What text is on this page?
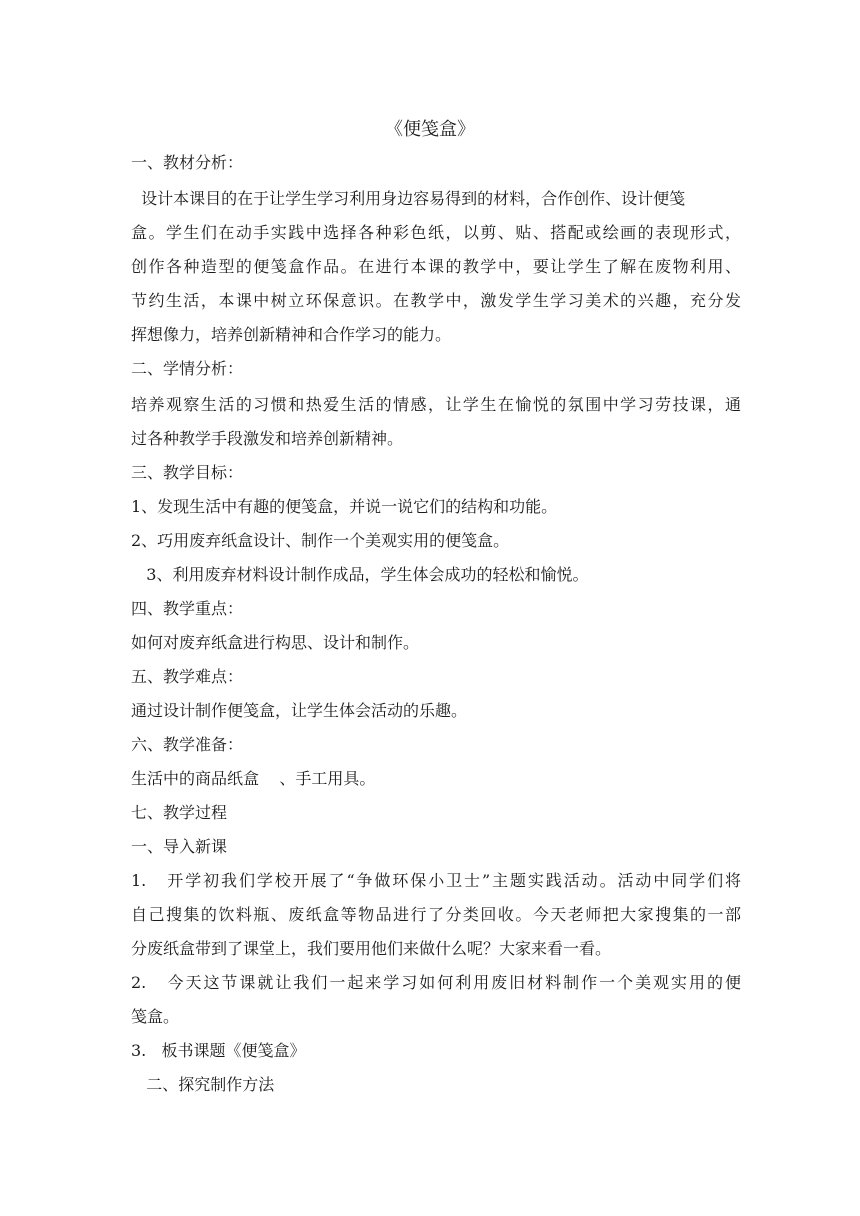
《便笺盒》
一、教材分析：
设计本课目的在于让学生学习利用身边容易得到的材料，合作创作、设计便笺
盒。学生们在动手实践中选择各种彩色纸，以剪、贴、搭配或绘画的表现形式，
创作各种造型的便笺盒作品。在进行本课的教学中，要让学生了解在废物利用、
节约生活，本课中树立环保意识。在教学中，激发学生学习美术的兴趣，充分发
挥想像力，培养创新精神和合作学习的能力。
二、学情分析：
培养观察生活的习惯和热爱生活的情感，让学生在愉悦的氛围中学习劳技课，通
过各种教学手段激发和培养创新精神。
三、教学目标：
1、发现生活中有趣的便笺盒，并说一说它们的结构和功能。
2、巧用废弃纸盒设计、制作一个美观实用的便笺盒。
3、利用废弃材料设计制作成品，学生体会成功的轻松和愉悦。
四、教学重点：
如何对废弃纸盒进行构思、设计和制作。
五、教学难点：
通过设计制作便笺盒，让学生体会活动的乐趣。
六、教学准备：
生活中的商品纸盒    、手工用具。
七、教学过程
一、导入新课
1.   开学初我们学校开展了“争做环保小卫士”主题实践活动。活动中同学们将
自己搜集的饮料瓶、废纸盒等物品进行了分类回收。今天老师把大家搜集的一部
分废纸盒带到了课堂上，我们要用他们来做什么呢？大家来看一看。
2.   今天这节课就让我们一起来学习如何利用废旧材料制作一个美观实用的便
笺盒。
3.   板书课题《便笺盒》
二、探究制作方法
